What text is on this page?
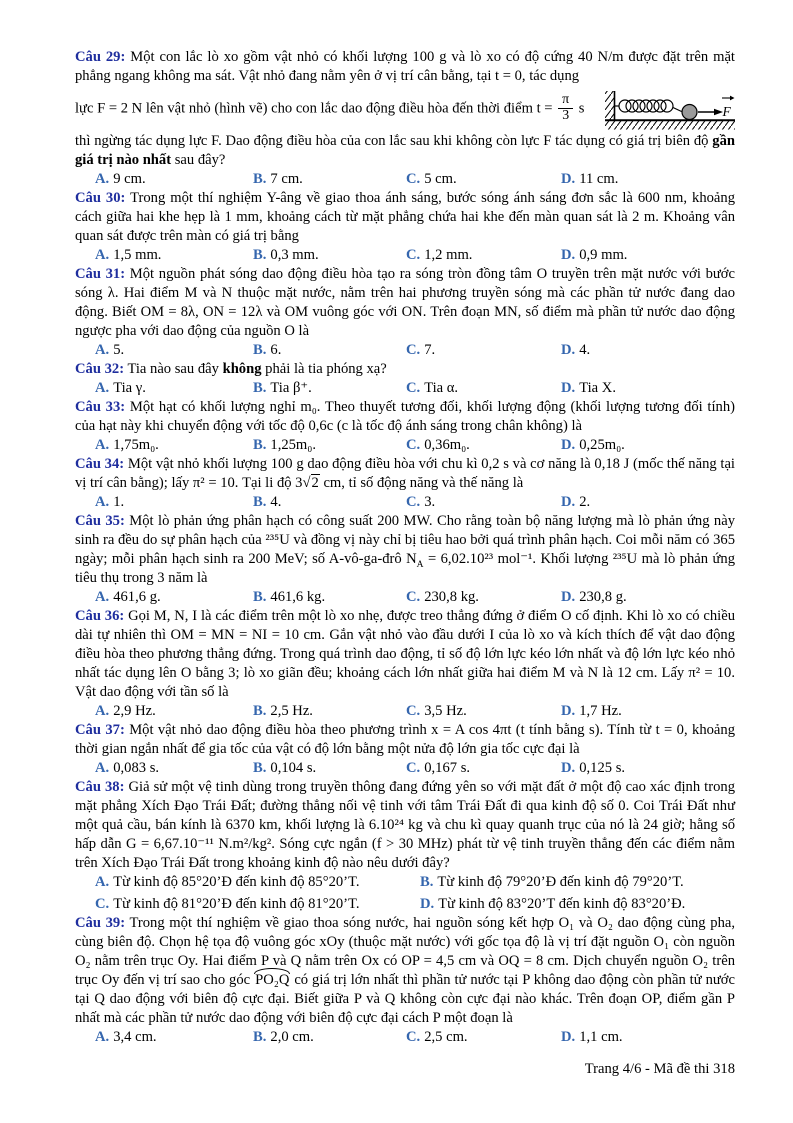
Câu 29: Một con lắc lò xo gồm vật nhỏ có khối lượng 100 g và lò xo có độ cứng 40 N/m được đặt trên mặt phẳng ngang không ma sát. Vật nhỏ đang nằm yên ở vị trí cân bằng, tại t = 0, tác dụng

lực F = 2 N lên vật nhỏ (hình vẽ) cho con lắc dao động điều hòa đến thời điểm $t = \frac{\pi}{3}$ s	F

thì ngừng tác dụng lực F. Dao động điều hòa của con lắc sau khi không còn lực F tác dụng có giá trị biên độ gần giá trị nào nhất sau đây?

A. 9 cm.	B. 7 cm.	C. 5 cm.	D. 11 cm.

Câu 30: Trong một thí nghiệm Y-âng về giao thoa ánh sáng, bước sóng ánh sáng đơn sắc là 600 nm, khoảng cách giữa hai khe hẹp là 1 mm, khoảng cách từ mặt phẳng chứa hai khe đến màn quan sát là 2 m. Khoảng vân quan sát được trên màn có giá trị bằng

A. 1,5 mm.	B. 0,3 mm.	C. 1,2 mm.	D. 0,9 mm.

Câu 31: Một nguồn phát sóng dao động điều hòa tạo ra sóng tròn đồng tâm O truyền trên mặt nước với bước sóng λ. Hai điểm M và N thuộc mặt nước, nằm trên hai phương truyền sóng mà các phần tử nước đang dao động. Biết OM = 8λ, ON = 12λ và OM vuông góc với ON. Trên đoạn MN, số điểm mà phần tử nước dao động ngược pha với dao động của nguồn O là

A. 5.	B. 6.	C. 7.	D. 4.

Câu 32: Tia nào sau đây không phải là tia phóng xạ?

A. Tia γ.	B. Tia β⁺.	C. Tia α.	D. Tia X.

Câu 33: Một hạt có khối lượng nghỉ m₀. Theo thuyết tương đối, khối lượng động (khối lượng tương đối tính) của hạt này khi chuyển động với tốc độ 0,6c (c là tốc độ ánh sáng trong chân không) là

A. 1,75m₀.	B. 1,25m₀.	C. 0,36m₀.	D. 0,25m₀.

Câu 34: Một vật nhỏ khối lượng 100 g dao động điều hòa với chu kì 0,2 s và cơ năng là 0,18 J (mốc thế năng tại vị trí cân bằng); lấy π² = 10. Tại li độ 3√2 cm, tỉ số động năng và thế năng là

A. 1.	B. 4.	C. 3.	D. 2.

Câu 35: Một lò phản ứng phân hạch có công suất 200 MW. Cho rằng toàn bộ năng lượng mà lò phản ứng này sinh ra đều do sự phân hạch của ²³⁵U và đồng vị này chỉ bị tiêu hao bởi quá trình phân hạch. Coi mỗi năm có 365 ngày; mỗi phân hạch sinh ra 200 MeV; số A-vô-ga-đrô $N_A = 6,02.10^{23}$ mol⁻¹. Khối lượng ²³⁵U mà lò phản ứng tiêu thụ trong 3 năm là

A. 461,6 g.	B. 461,6 kg.	C. 230,8 kg.	D. 230,8 g.

Câu 36: Gọi M, N, I là các điểm trên một lò xo nhẹ, được treo thẳng đứng ở điểm O cố định. Khi lò xo có chiều dài tự nhiên thì OM = MN = NI = 10 cm. Gắn vật nhỏ vào đầu dưới I của lò xo và kích thích để vật dao động điều hòa theo phương thẳng đứng. Trong quá trình dao động, tỉ số độ lớn lực kéo lớn nhất và độ lớn lực kéo nhỏ nhất tác dụng lên O bằng 3; lò xo giãn đều; khoảng cách lớn nhất giữa hai điểm M và N là 12 cm. Lấy π² = 10. Vật dao động với tần số là

A. 2,9 Hz.	B. 2,5 Hz.	C. 3,5 Hz.	D. 1,7 Hz.

Câu 37: Một vật nhỏ dao động điều hòa theo phương trình x = A cos 4πt (t tính bằng s). Tính từ t = 0, khoảng thời gian ngắn nhất để gia tốc của vật có độ lớn bằng một nửa độ lớn gia tốc cực đại là

A. 0,083 s.	B. 0,104 s.	C. 0,167 s.	D. 0,125 s.

Câu 38: Giả sử một vệ tinh dùng trong truyền thông đang đứng yên so với mặt đất ở một độ cao xác định trong mặt phẳng Xích Đạo Trái Đất; đường thẳng nối vệ tinh với tâm Trái Đất đi qua kinh độ số 0. Coi Trái Đất như một quả cầu, bán kính là 6370 km, khối lượng là 6.10²⁴ kg và chu kì quay quanh trục của nó là 24 giờ; hằng số hấp dẫn G = 6,67.10⁻¹¹ N.m²/kg². Sóng cực ngắn (f > 30 MHz) phát từ vệ tinh truyền thẳng đến các điểm nằm trên Xích Đạo Trái Đất trong khoảng kinh độ nào nêu dưới đây?

A. Từ kinh độ 85°20’Đ đến kinh độ 85°20’T.	B. Từ kinh độ 79°20’Đ đến kinh độ 79°20’T.
C. Từ kinh độ 81°20’Đ đến kinh độ 81°20’T.	D. Từ kinh độ 83°20’T đến kinh độ 83°20’Đ.

Câu 39: Trong một thí nghiệm về giao thoa sóng nước, hai nguồn sóng kết hợp O₁ và O₂ dao động cùng pha, cùng biên độ. Chọn hệ tọa độ vuông góc xOy (thuộc mặt nước) với gốc tọa độ là vị trí đặt nguồn O₁ còn nguồn O₂ nằm trên trục Oy. Hai điểm P và Q nằm trên Ox có OP = 4,5 cm và OQ = 8 cm. Dịch chuyển nguồn O₂ trên trục Oy đến vị trí sao cho góc PO₂Q có giá trị lớn nhất thì phần tử nước tại P không dao động còn phần tử nước tại Q dao động với biên độ cực đại. Biết giữa P và Q không còn cực đại nào khác. Trên đoạn OP, điểm gần P nhất mà các phần tử nước dao động với biên độ cực đại cách P một đoạn là

A. 3,4 cm.	B. 2,0 cm.	C. 2,5 cm.	D. 1,1 cm.
Trang 4/6 - Mã đề thi 318
